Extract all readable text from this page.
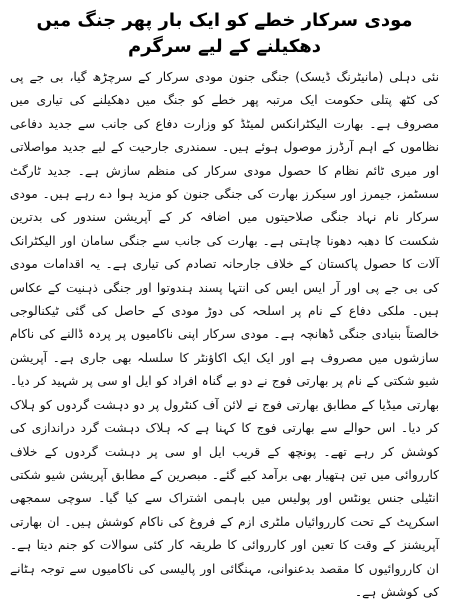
مودی سرکار خطے کو ایک بار پھر جنگ میں دھکیلنے کے لیے سرگرم

نئی دہلی (مانیٹرنگ ڈیسک) جنگی جنون مودی سرکار کے سرچڑھ گیا، بی جے پی کی کٹھ پتلی حکومت ایک مرتبہ پھر خطے کو جنگ میں دھکیلنے کی تیاری میں مصروف ہے۔ بھارت الیکٹرانکس لمیٹڈ کو وزارت دفاع کی جانب سے جدید دفاعی نظاموں کے اہم آرڈرز موصول ہوئے ہیں۔ سمندری جارحیت کے لیے جدید مواصلاتی اور میری ٹائم نظام کا حصول مودی سرکار کی منظم سازش ہے۔ جدید ٹارگٹ سسٹمز، جیمرز اور سیکرز بھارت کی جنگی جنون کو مزید ہوا دے رہے ہیں۔ مودی سرکار نام نہاد جنگی صلاحیتوں میں اضافہ کر کے آپریشن سندور کی بدترین شکست کا دھبہ دھونا چاہتی ہے۔ بھارت کی جانب سے جنگی سامان اور الیکٹرانک آلات کا حصول پاکستان کے خلاف جارحانہ تصادم کی تیاری ہے۔ یہ اقدامات مودی کی بی جے پی اور آر ایس ایس کی انتہا پسند ہندوتوا اور جنگی ذہنیت کے عکاس ہیں۔ ملکی دفاع کے نام پر اسلحہ کی دوڑ مودی کے حاصل کی گئی ٹیکنالوجی خالصتاً بنیادی جنگی ڈھانچہ ہے۔ مودی سرکار اپنی ناکامیوں پر پردہ ڈالنے کی ناکام سازشوں میں مصروف ہے اور ایک ایک اکاؤنٹر کا سلسلہ بھی جاری ہے۔ آپریشن شیو شکتی کے نام پر بھارتی فوج نے دو بے گناہ افراد کو ایل او سی پر شہید کر دیا۔ بھارتی میڈیا کے مطابق بھارتی فوج نے لائن آف کنٹرول پر دو دہشت گردوں کو ہلاک کر دیا۔ اس حوالے سے بھارتی فوج کا کہنا ہے کہ ہلاک دہشت گرد دراندازی کی کوشش کر رہے تھے۔ پونچھ کے قریب ایل او سی پر دہشت گردوں کے خلاف کارروائی میں تین ہتھیار بھی برآمد کیے گئے۔ مبصرین کے مطابق آپریشن شیو شکتی انٹیلی جنس یونٹس اور پولیس میں باہمی اشتراک سے کیا گیا۔ سوچی سمجھی اسکرپٹ کے تحت کارروائیاں ملٹری ازم کے فروغ کی ناکام کوشش ہیں۔ ان بھارتی آپریشنز کے وقت کا تعین اور کارروائی کا طریقہ کار کئی سوالات کو جنم دیتا ہے۔ ان کارروائیوں کا مقصد بدعنوانی، مہنگائی اور پالیسی کی ناکامیوں سے توجہ ہٹانے کی کوشش ہے۔
